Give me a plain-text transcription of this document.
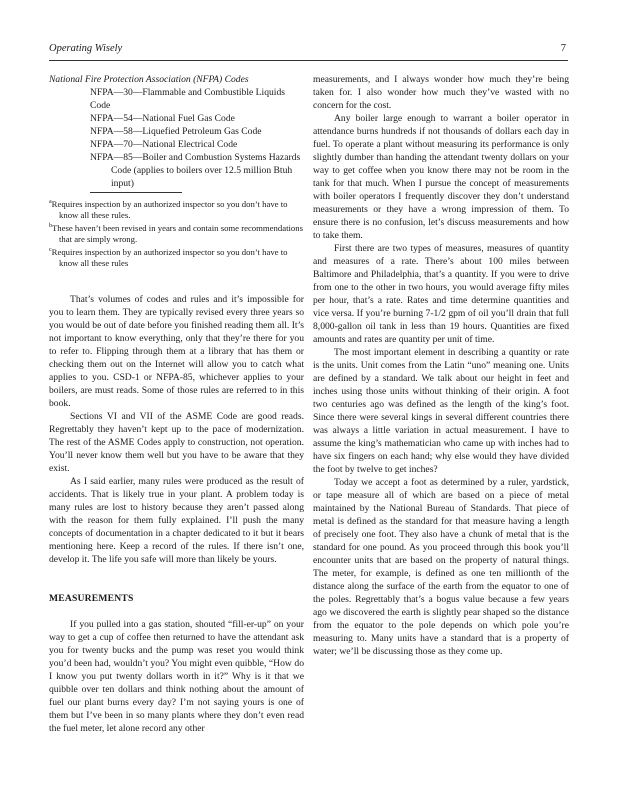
Operating Wisely	7

National Fire Protection Association (NFPA) Codes

NFPA—30—Flammable and Combustible Liquids Code
NFPA—54—National Fuel Gas Code
NFPA—58—Liquefied Petroleum Gas Code
NFPA—70—National Electrical Code
NFPA—85—Boiler and Combustion Systems Hazards
Code (applies to boilers over 12.5 million Btuh input)

$^a$Requires inspection by an authorized inspector so you don’t have to know all these rules.

$^b$These haven’t been revised in years and contain some recommendations that are simply wrong.

$^c$Requires inspection by an authorized inspector so you don’t have to know all these rules

That’s volumes of codes and rules and it’s impossible for you to learn them. They are typically revised every three years so you would be out of date before you finished reading them all. It’s not important to know everything, only that they’re there for you to refer to. Flipping through them at a library that has them or checking them out on the Internet will allow you to catch what applies to you. CSD-1 or NFPA-85, whichever applies to your boilers, are must reads. Some of those rules are referred to in this book.

Sections VI and VII of the ASME Code are good reads. Regrettably they haven’t kept up to the pace of modernization. The rest of the ASME Codes apply to construction, not operation. You’ll never know them well but you have to be aware that they exist.

As I said earlier, many rules were produced as the result of accidents. That is likely true in your plant. A problem today is many rules are lost to history because they aren’t passed along with the reason for them fully explained. I’ll push the many concepts of documentation in a chapter dedicated to it but it bears mentioning here. Keep a record of the rules. If there isn’t one, develop it. The life you safe will more than likely be yours.

MEASUREMENTS

If you pulled into a gas station, shouted “fill-er-up” on your way to get a cup of coffee then returned to have the attendant ask you for twenty bucks and the pump was reset you would think you’d been had, wouldn’t you? You might even quibble, “How do I know you put twenty dollars worth in it?” Why is it that we quibble over ten dollars and think nothing about the amount of fuel our plant burns every day? I’m not saying yours is one of them but I’ve been in so many plants where they don’t even read the fuel meter, let alone record any other

measurements, and I always wonder how much they’re being taken for. I also wonder how much they’ve wasted with no concern for the cost.

Any boiler large enough to warrant a boiler operator in attendance burns hundreds if not thousands of dollars each day in fuel. To operate a plant without measuring its performance is only slightly dumber than handing the attendant twenty dollars on your way to get coffee when you know there may not be room in the tank for that much. When I pursue the concept of measurements with boiler operators I frequently discover they don’t understand measurements or they have a wrong impression of them. To ensure there is no confusion, let’s discuss measurements and how to take them.

First there are two types of measures, measures of quantity and measures of a rate. There’s about 100 miles between Baltimore and Philadelphia, that’s a quantity. If you were to drive from one to the other in two hours, you would average fifty miles per hour, that’s a rate. Rates and time determine quantities and vice versa. If you’re burning 7-1/2 gpm of oil you’ll drain that full 8,000-gallon oil tank in less than 19 hours. Quantities are fixed amounts and rates are quantity per unit of time.

The most important element in describing a quantity or rate is the units. Unit comes from the Latin “uno” meaning one. Units are defined by a standard. We talk about our height in feet and inches using those units without thinking of their origin. A foot two centuries ago was defined as the length of the king’s foot. Since there were several kings in several different countries there was always a little variation in actual measurement. I have to assume the king’s mathematician who came up with inches had to have six fingers on each hand; why else would they have divided the foot by twelve to get inches?

Today we accept a foot as determined by a ruler, yardstick, or tape measure all of which are based on a piece of metal maintained by the National Bureau of Standards. That piece of metal is defined as the standard for that measure having a length of precisely one foot. They also have a chunk of metal that is the standard for one pound. As you proceed through this book you’ll encounter units that are based on the property of natural things. The meter, for example, is defined as one ten millionth of the distance along the surface of the earth from the equator to one of the poles. Regrettably that’s a bogus value because a few years ago we discovered the earth is slightly pear shaped so the distance from the equator to the pole depends on which pole you’re measuring to. Many units have a standard that is a property of water; we’ll be discussing those as they come up.
